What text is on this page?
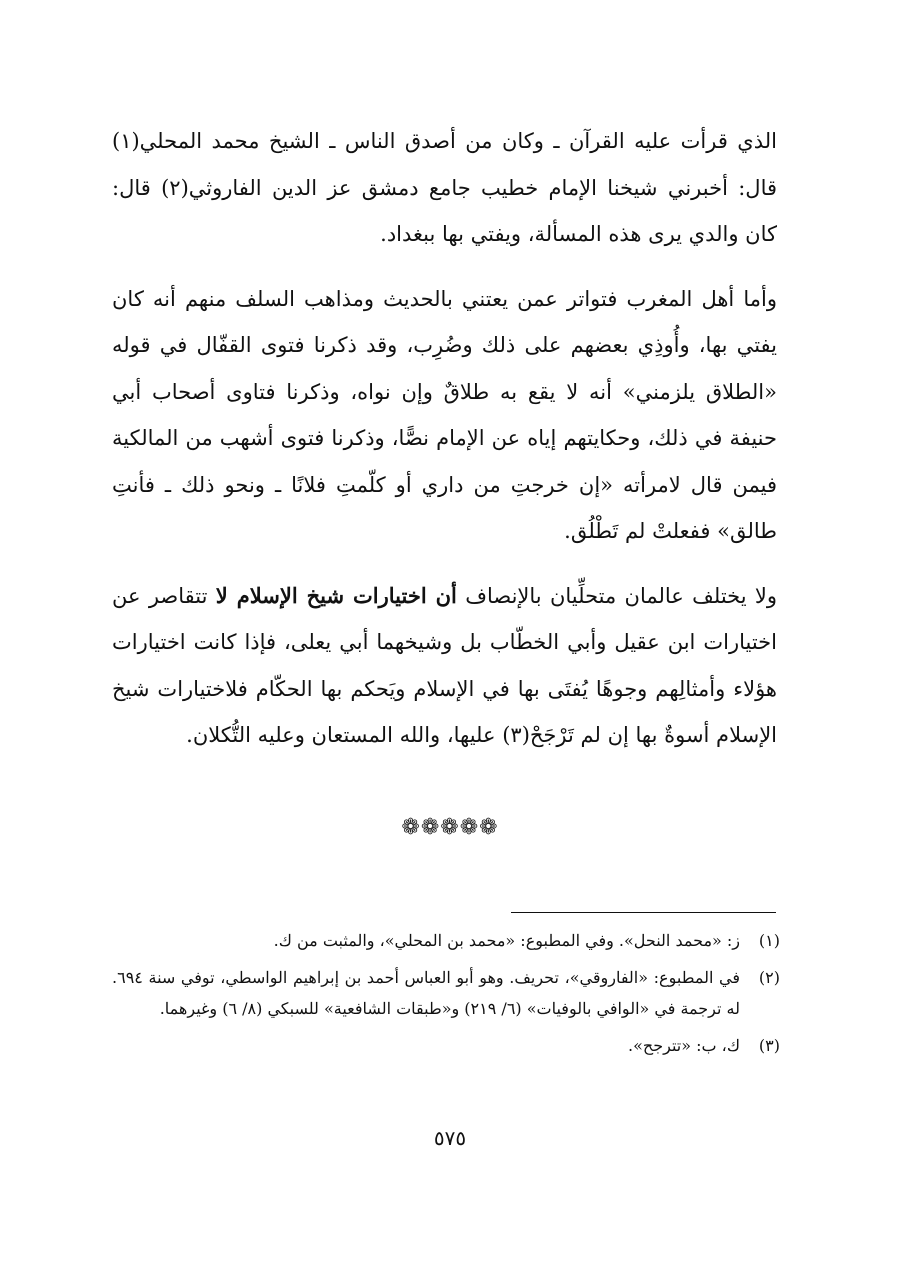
الذي قرأت عليه القرآن ـ وكان من أصدق الناس ـ الشيخ محمد المحلي(١) قال: أخبرني شيخنا الإمام خطيب جامع دمشق عز الدين الفاروثي(٢) قال: كان والدي يرى هذه المسألة، ويفتي بها ببغداد.

وأما أهل المغرب فتواتر عمن يعتني بالحديث ومذاهب السلف منهم أنه كان يفتي بها، وأُوذِي بعضهم على ذلك وضُرِب، وقد ذكرنا فتوى القفّال في قوله «الطلاق يلزمني» أنه لا يقع به طلاقٌ وإن نواه، وذكرنا فتاوى أصحاب أبي حنيفة في ذلك، وحكايتهم إياه عن الإمام نصًّا، وذكرنا فتوى أشهب من المالكية فيمن قال لامرأته «إن خرجتِ من داري أو كلّمتِ فلانًا ـ ونحو ذلك ـ فأنتِ طالق» ففعلتْ لم تَطْلُق.

ولا يختلف عالمان متحلِّيان بالإنصاف أن اختيارات شيخ الإسلام لا تتقاصر عن اختيارات ابن عقيل وأبي الخطّاب بل وشيخهما أبي يعلى، فإذا كانت اختيارات هؤلاء وأمثالِهم وجوهًا يُفتَى بها في الإسلام ويَحكم بها الحكّام فلاختيارات شيخ الإسلام أسوةٌ بها إن لم تَرْجَحْ(٣) عليها، والله المستعان وعليه التُّكلان.

❁❁❁❁❁
(١)
ز: «محمد النحل». وفي المطبوع: «محمد بن المحلي»، والمثبت من ك.
(٢)
في المطبوع: «الفاروقي»، تحريف. وهو أبو العباس أحمد بن إبراهيم الواسطي، توفي سنة ٦٩٤. له ترجمة في «الوافي بالوفيات» (٦/ ٢١٩) و«طبقات الشافعية» للسبكي (٨/ ٦) وغيرهما.
(٣)
ك، ب: «تترجح».
٥٧٥
